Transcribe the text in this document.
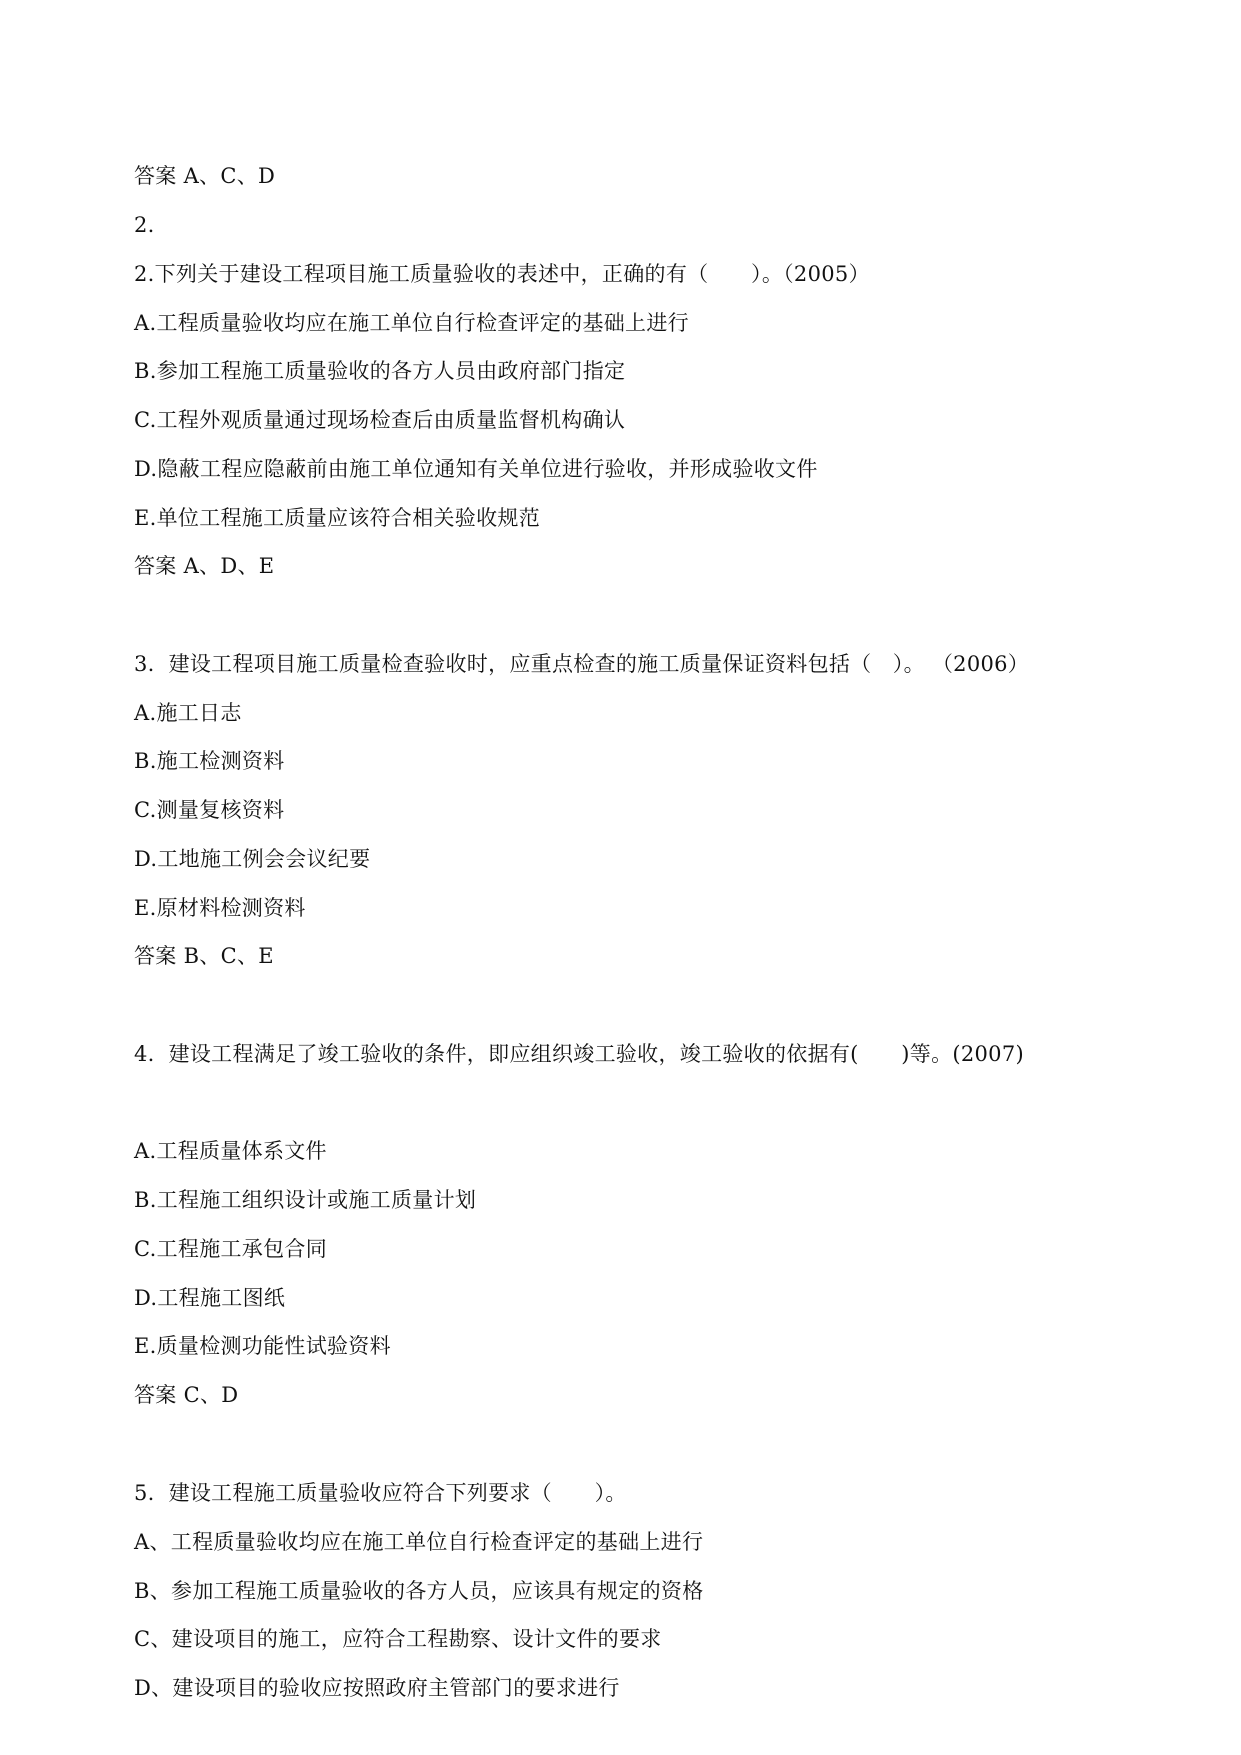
答案 A、C、D
2.
2.下列关于建设工程项目施工质量验收的表述中，正确的有（　　）。（2005）
A.工程质量验收均应在施工单位自行检查评定的基础上进行
B.参加工程施工质量验收的各方人员由政府部门指定
C.工程外观质量通过现场检查后由质量监督机构确认
D.隐蔽工程应隐蔽前由施工单位通知有关单位进行验收，并形成验收文件
E.单位工程施工质量应该符合相关验收规范
答案 A、D、E
3.  建设工程项目施工质量检查验收时，应重点检查的施工质量保证资料包括（　）。 （2006）
A.施工日志
B.施工检测资料
C.测量复核资料
D.工地施工例会会议纪要
E.原材料检测资料
答案 B、C、E
4.  建设工程满足了竣工验收的条件，即应组织竣工验收，竣工验收的依据有(　　)等。(2007)
A.工程质量体系文件
B.工程施工组织设计或施工质量计划
C.工程施工承包合同
D.工程施工图纸
E.质量检测功能性试验资料
答案 C、D
5.  建设工程施工质量验收应符合下列要求（　　）。
A、工程质量验收均应在施工单位自行检查评定的基础上进行
B、参加工程施工质量验收的各方人员，应该具有规定的资格
C、建设项目的施工，应符合工程勘察、设计文件的要求
D、建设项目的验收应按照政府主管部门的要求进行
